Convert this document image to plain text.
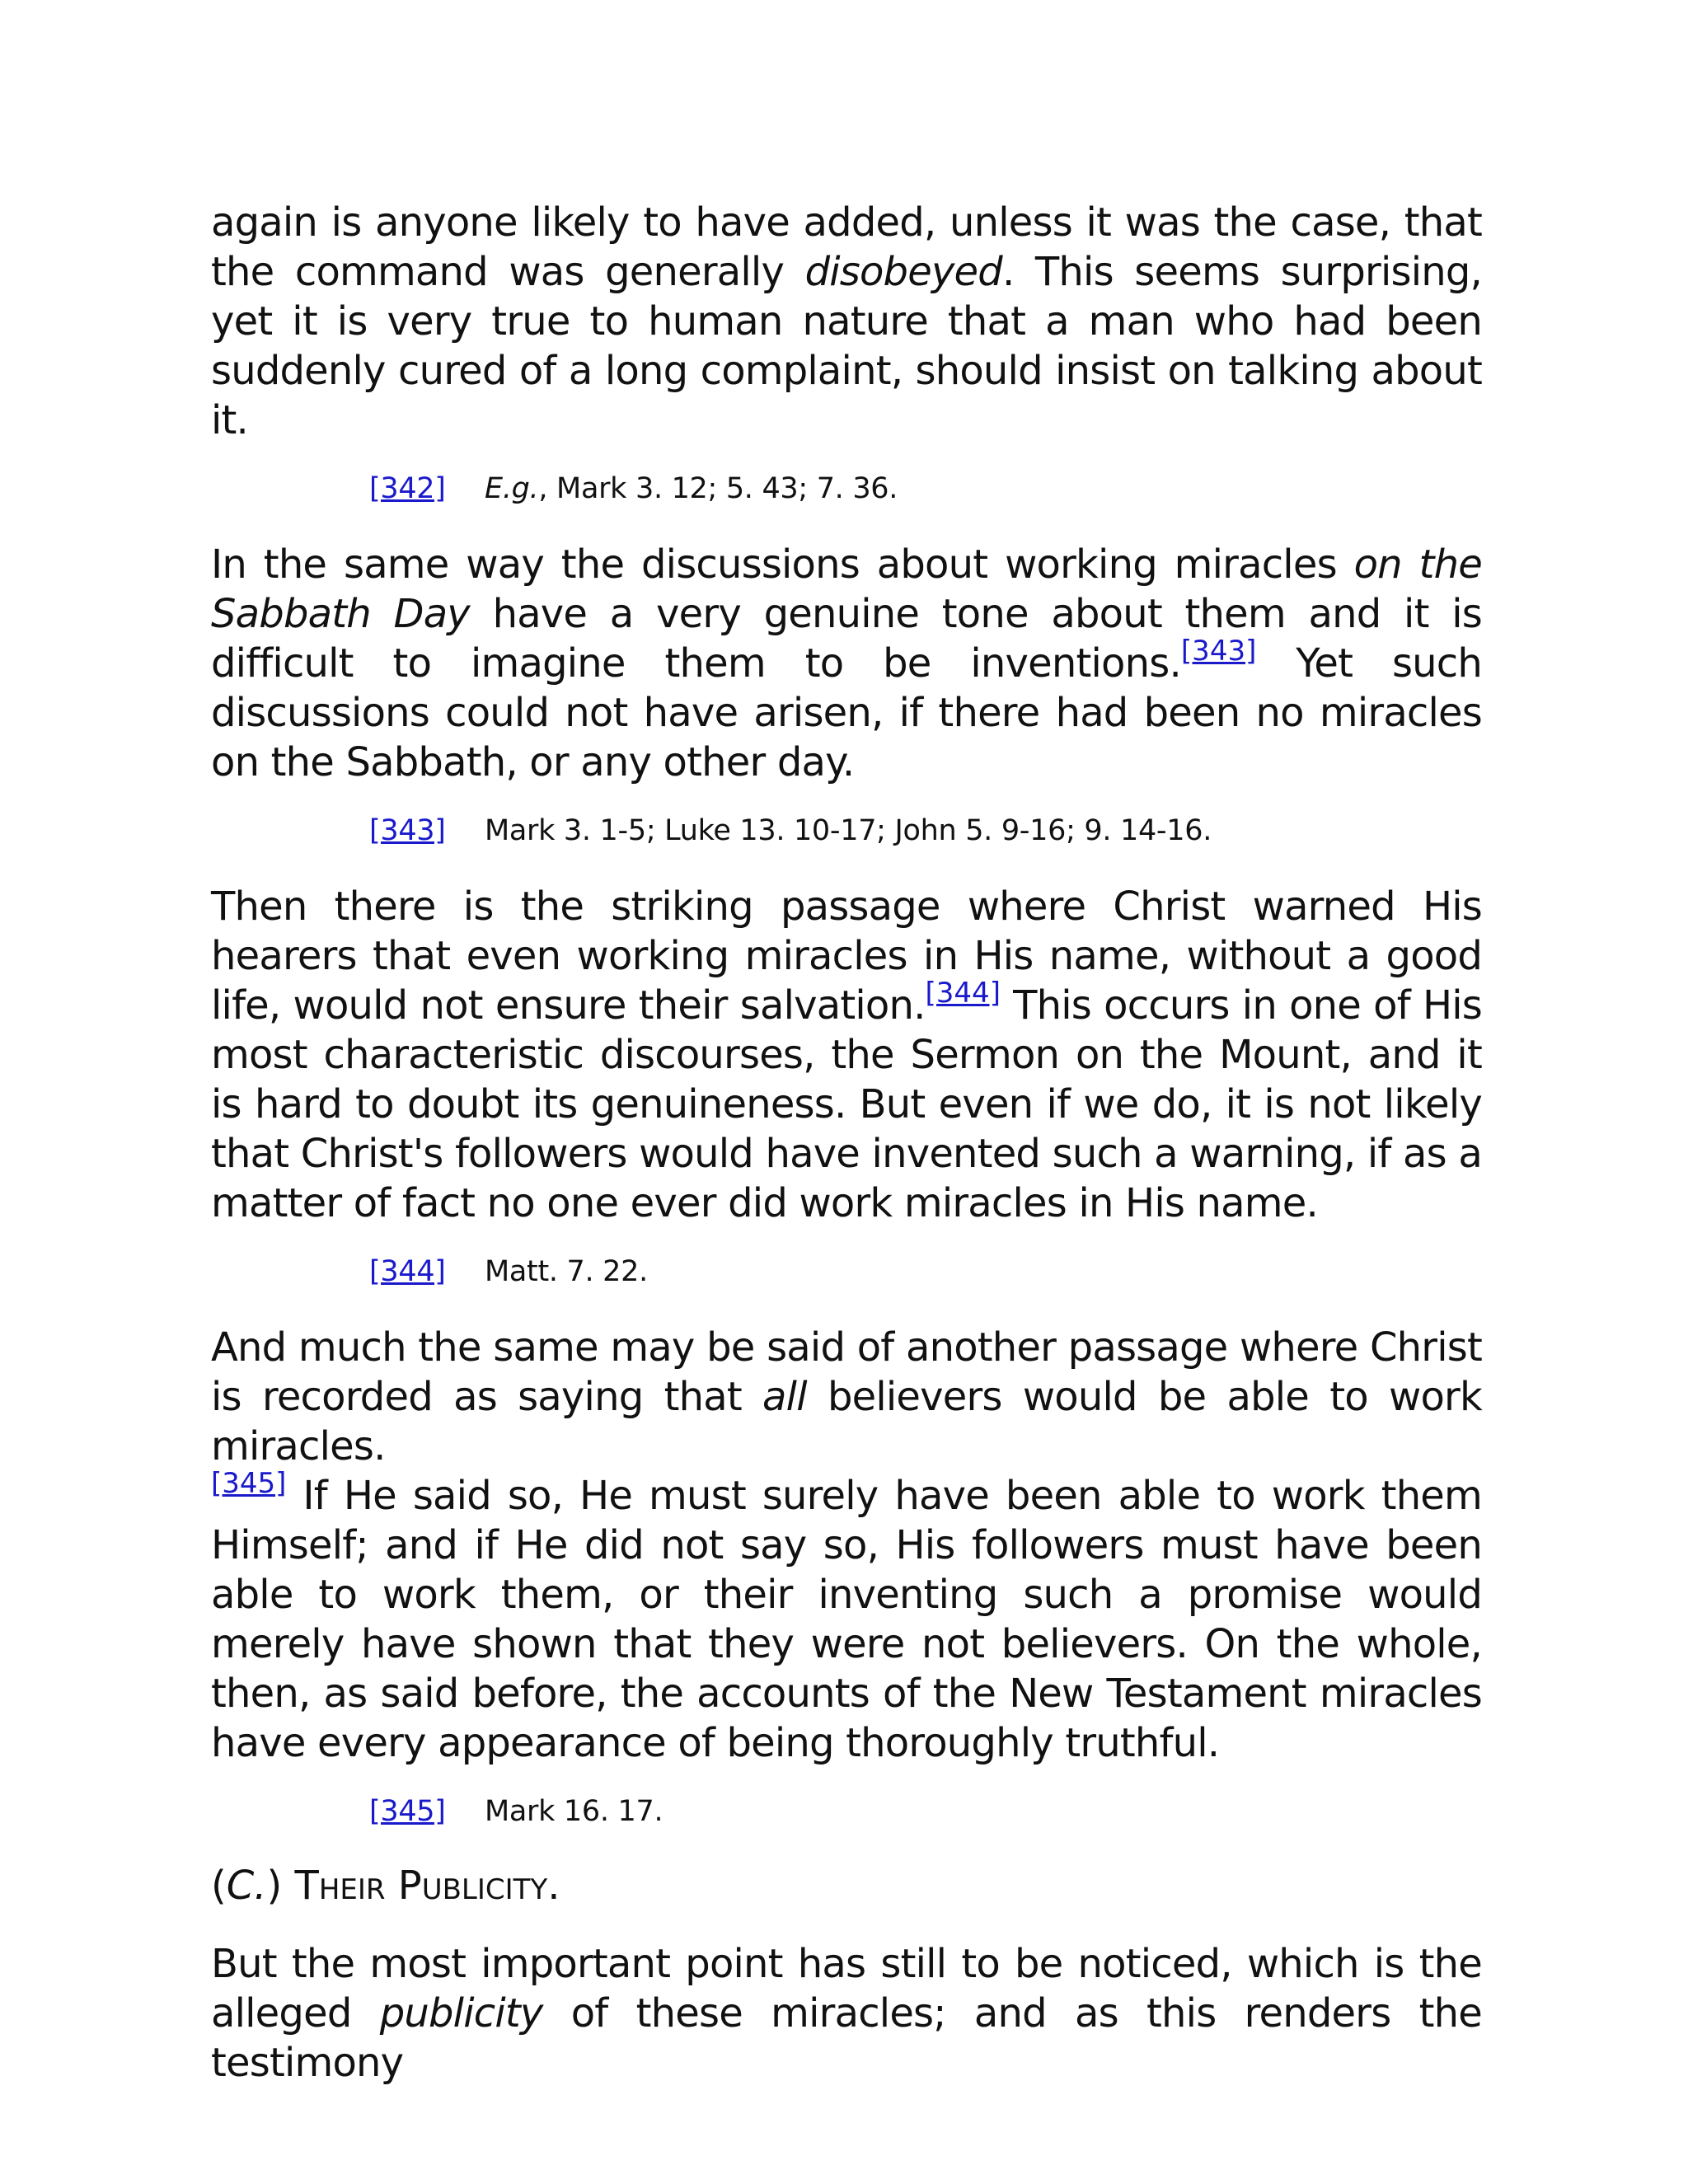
again is anyone likely to have added, unless it was the case, that the command was generally disobeyed. This seems surprising, yet it is very true to human nature that a man who had been suddenly cured of a long complaint, should insist on talking about it.

[342] E.g., Mark 3. 12; 5. 43; 7. 36.

In the same way the discussions about working miracles on the Sabbath Day have a very genuine tone about them and it is difficult to imagine them to be inventions.[343] Yet such discussions could not have arisen, if there had been no miracles on the Sabbath, or any other day.

[343] Mark 3. 1-5; Luke 13. 10-17; John 5. 9-16; 9. 14-16.

Then there is the striking passage where Christ warned His hearers that even working miracles in His name, without a good life, would not ensure their salvation.[344] This occurs in one of His most characteristic discourses, the Sermon on the Mount, and it is hard to doubt its genuineness. But even if we do, it is not likely that Christ's followers would have invented such a warning, if as a matter of fact no one ever did work miracles in His name.

[344] Matt. 7. 22.

And much the same may be said of another passage where Christ is recorded as saying that all believers would be able to work miracles.
[345] If He said so, He must surely have been able to work them Himself; and if He did not say so, His followers must have been able to work them, or their inventing such a promise would merely have shown that they were not believers. On the whole, then, as said before, the accounts of the New Testament miracles have every appearance of being thoroughly truthful.

[345] Mark 16. 17.
(C.) Their Publicity.

But the most important point has still to be noticed, which is the alleged publicity of these miracles; and as this renders the testimony
